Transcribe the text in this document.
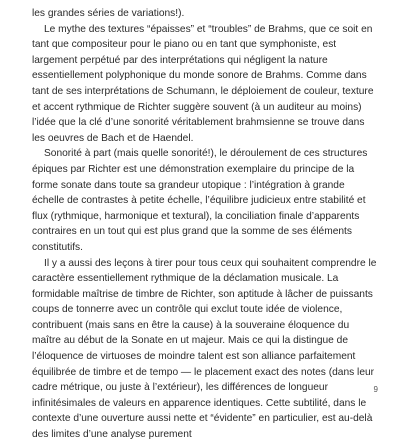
les grandes séries de variations!).

Le mythe des textures “épaisses” et “troubles” de Brahms, que ce soit en tant que compositeur pour le piano ou en tant que symphoniste, est largement perpétué par des interprétations qui négligent la nature essentiellement polyphonique du monde sonore de Brahms. Comme dans tant de ses interprétations de Schumann, le déploiement de couleur, texture et accent rythmique de Richter suggère souvent (à un auditeur au moins) l’idée que la clé d’une sonorité véritablement brahmsienne se trouve dans les oeuvres de Bach et de Haendel.

Sonorité à part (mais quelle sonorité!), le déroulement de ces structures épiques par Richter est une démonstration exemplaire du principe de la forme sonate dans toute sa grandeur utopique : l’intégration à grande échelle de contrastes à petite échelle, l’équilibre judicieux entre stabilité et flux (rythmique, harmonique et textural), la conciliation finale d’apparents contraires en un tout qui est plus grand que la somme de ses éléments constitutifs.

Il y a aussi des leçons à tirer pour tous ceux qui souhaitent comprendre le caractère essentiellement rythmique de la déclamation musicale. La formidable maîtrise de timbre de Richter, son aptitude à lâcher de puissants coups de tonnerre avec un contrôle qui exclut toute idée de violence, contribuent (mais sans en être la cause) à la souveraine éloquence du maître au début de la Sonate en ut majeur. Mais ce qui la distingue de l’éloquence de virtuoses de moindre talent est son alliance parfaitement équilibrée de timbre et de tempo — le placement exact des notes (dans leur cadre métrique, ou juste à l’extérieur), les différences de longueur infinitésimales de valeurs en apparence identiques. Cette subtilité, dans le contexte d’une ouverture aussi nette et “évidente” en particulier, est au-delà des limites d’une analyse purement

9
